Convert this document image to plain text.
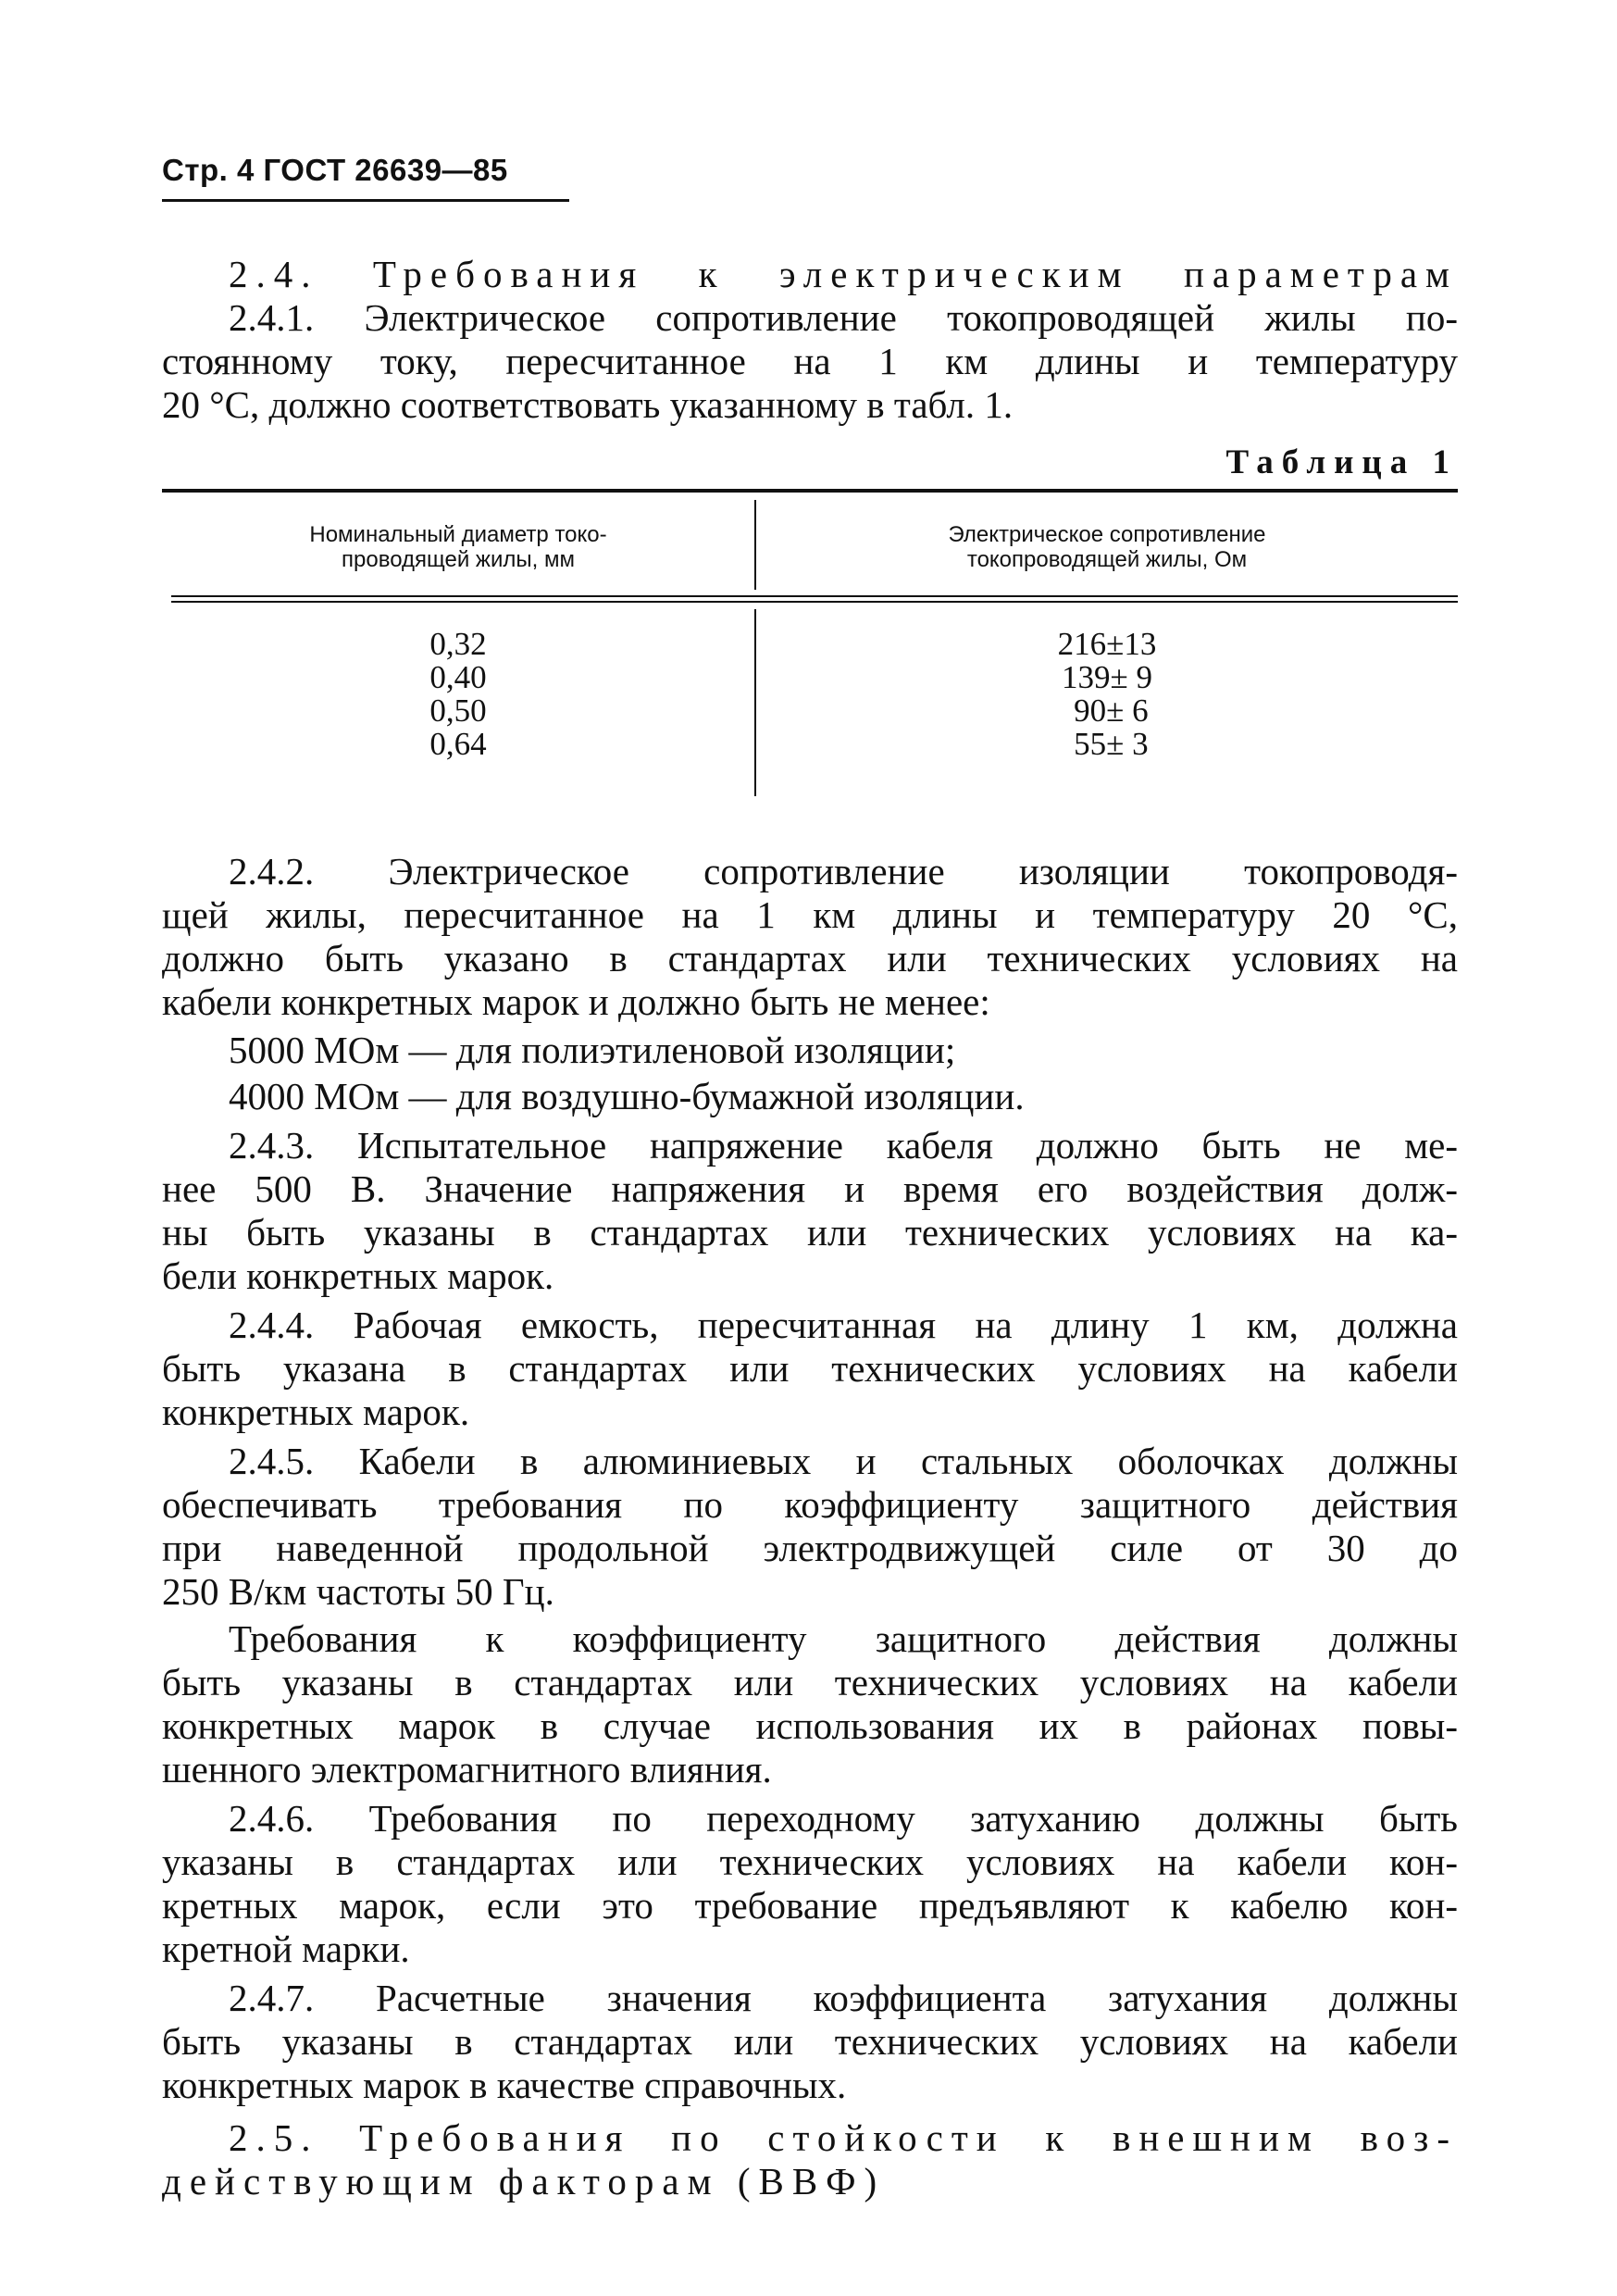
Стр. 4 ГОСТ 26639—85
2.4. Требования к электрическим параметрам
2.4.1. Электрическое сопротивление токопроводящей жилы по-
стоянному току, пересчитанное на 1 км длины и температуру
20 °С, должно соответствовать указанному в табл. 1.
Таблица 1
Номинальный диаметр токо-
проводящей жилы, мм
Электрическое сопротивление
токопроводящей жилы, Ом
0,32
0,40
0,50
0,64
216±13
139± 9
90± 6
55± 3
2.4.2. Электрическое сопротивление изоляции токопроводя-
щей жилы, пересчитанное на 1 км длины и температуру 20 °С,
должно быть указано в стандартах или технических условиях на
кабели конкретных марок и должно быть не менее:
5000 МОм — для полиэтиленовой изоляции;
4000 МОм — для воздушно-бумажной изоляции.
2.4.3. Испытательное напряжение кабеля должно быть не ме-
нее 500 В. Значение напряжения и время его воздействия долж-
ны быть указаны в стандартах или технических условиях на ка-
бели конкретных марок.
2.4.4. Рабочая емкость, пересчитанная на длину 1 км, должна
быть указана в стандартах или технических условиях на кабели
конкретных марок.
2.4.5. Кабели в алюминиевых и стальных оболочках должны
обеспечивать требования по коэффициенту защитного действия
при наведенной продольной электродвижущей силе от 30 до
250 В/км частоты 50 Гц.
Требования к коэффициенту защитного действия должны
быть указаны в стандартах или технических условиях на кабели
конкретных марок в случае использования их в районах повы-
шенного электромагнитного влияния.
2.4.6. Требования по переходному затуханию должны быть
указаны в стандартах или технических условиях на кабели кон-
кретных марок, если это требование предъявляют к кабелю кон-
кретной марки.
2.4.7. Расчетные значения коэффициента затухания должны
быть указаны в стандартах или технических условиях на кабели
конкретных марок в качестве справочных.
2.5. Требования по стойкости к внешним воз-
действующим факторам (ВВФ)
